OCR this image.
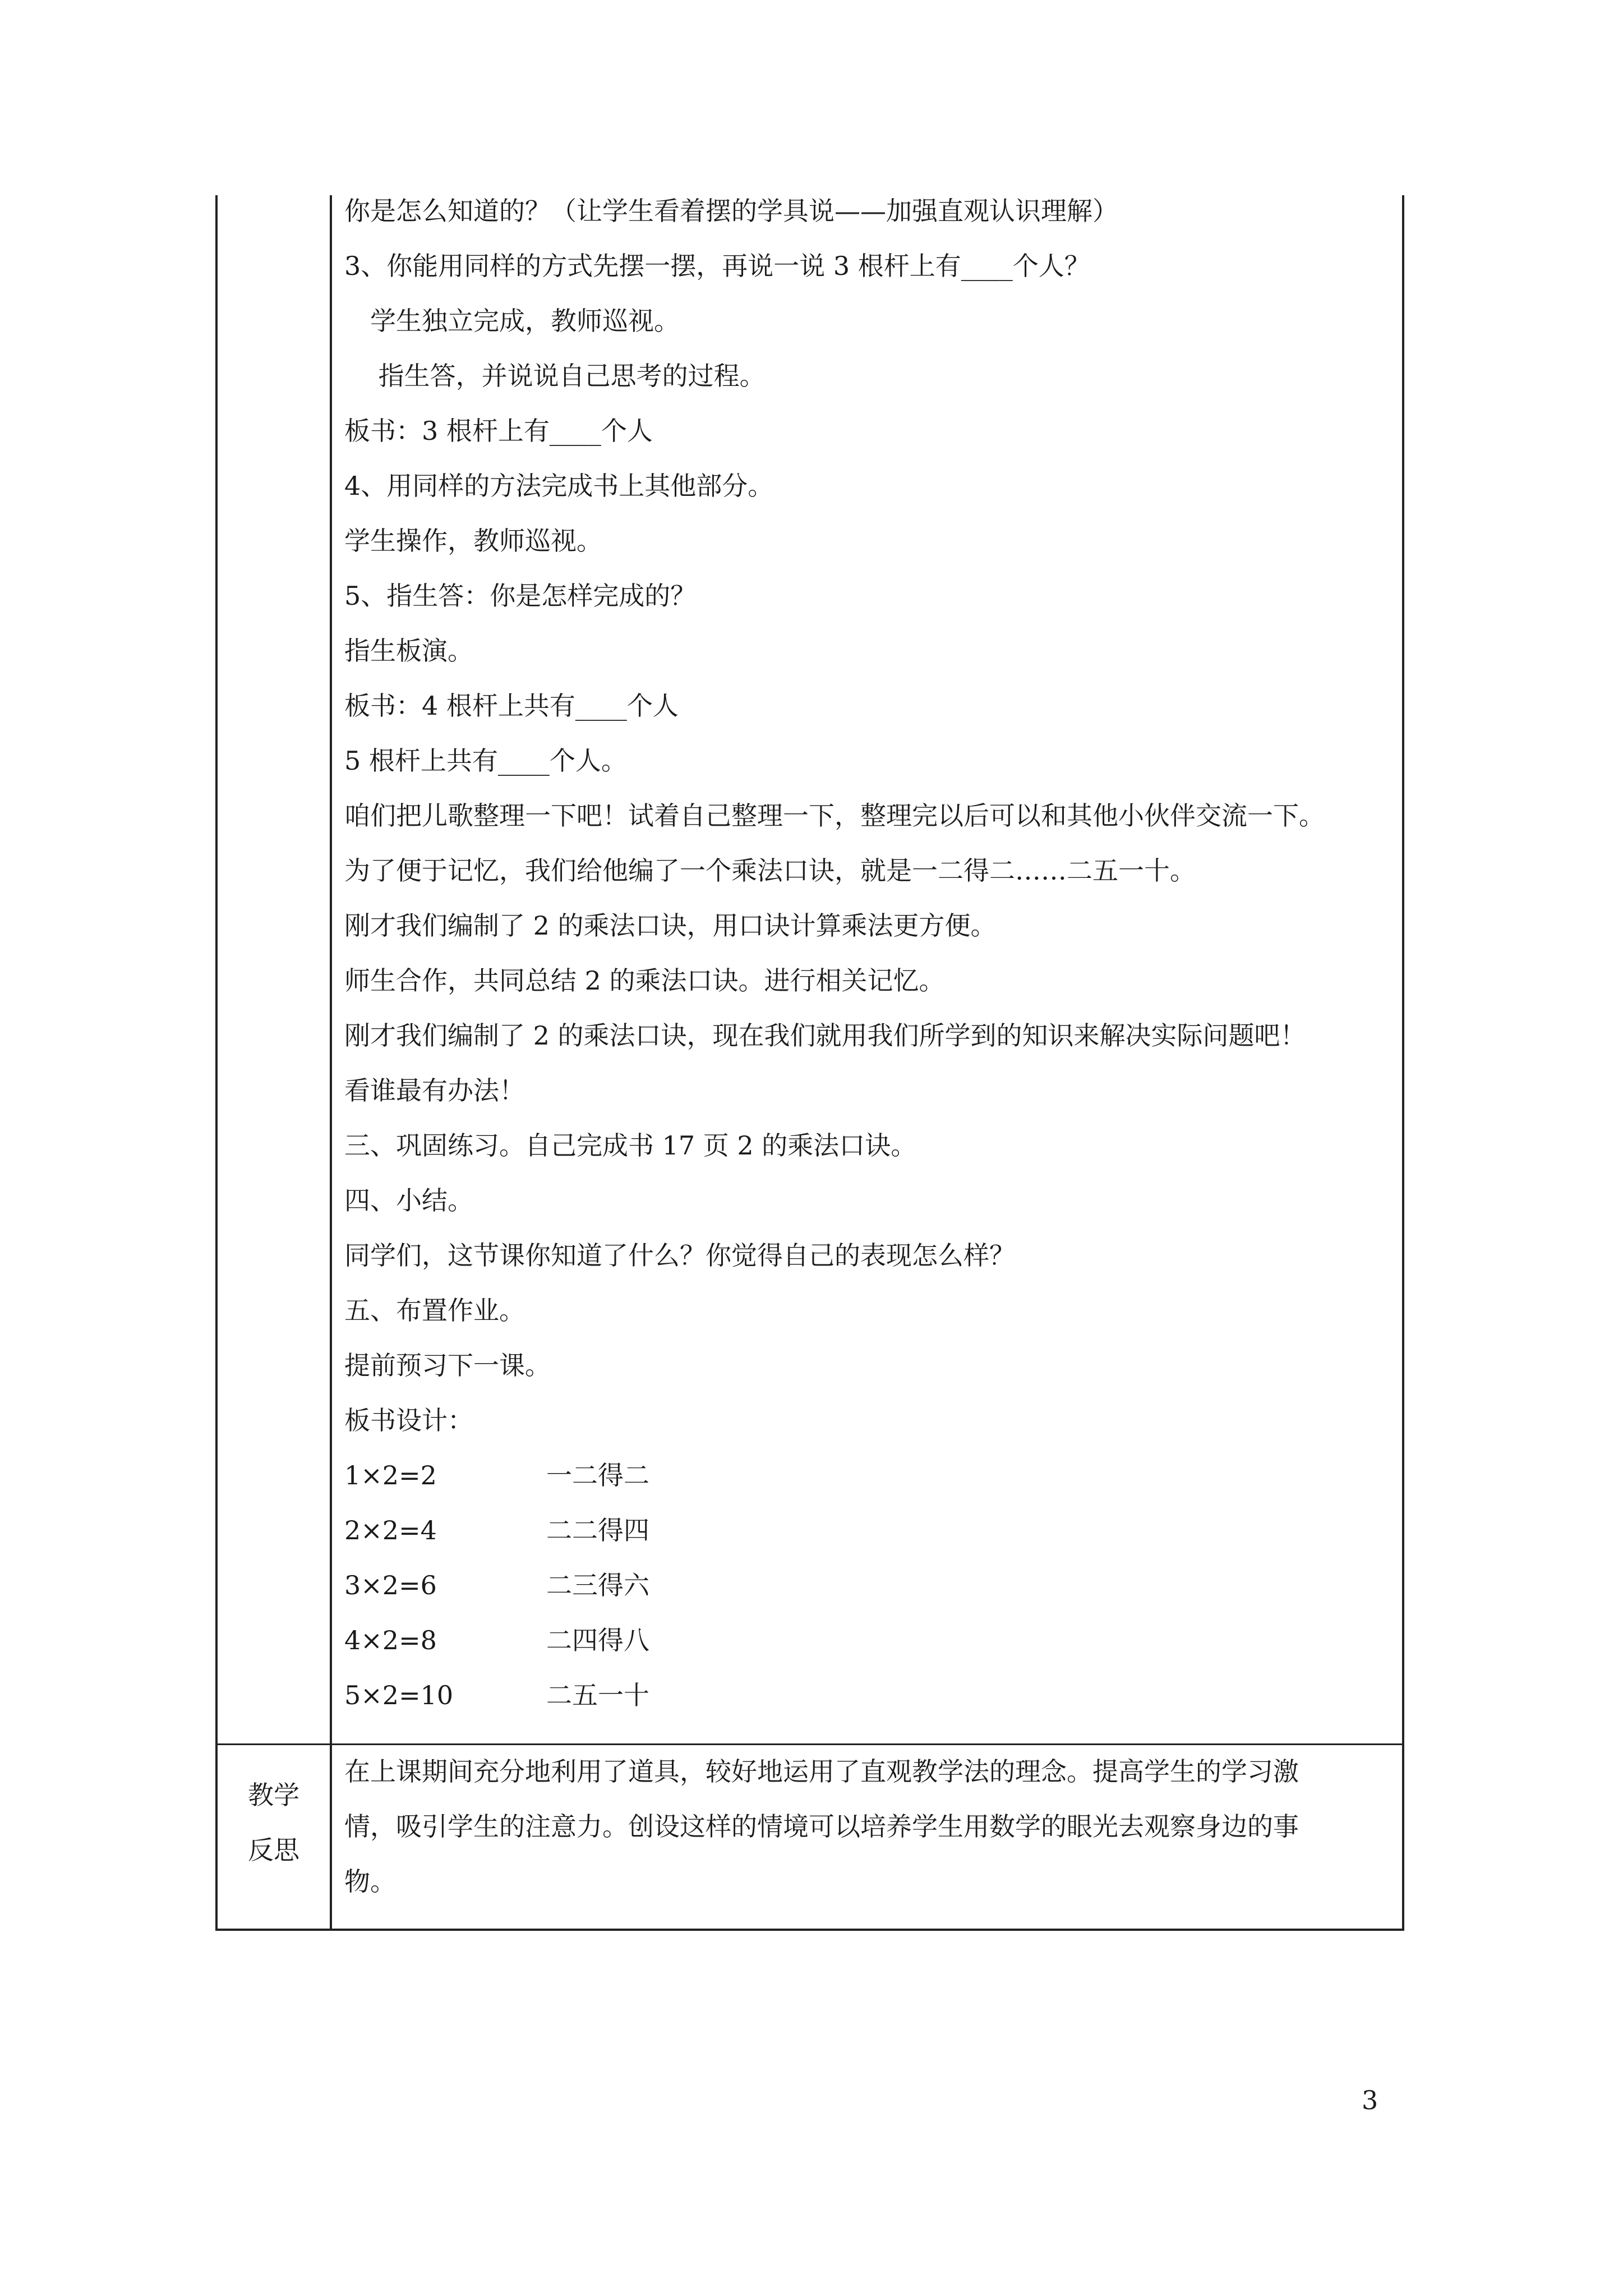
你是怎么知道的？（让学生看着摆的学具说——加强直观认识理解）
3、你能用同样的方式先摆一摆，再说一说 3 根杆上有____个人？
　学生独立完成，教师巡视。
　 指生答，并说说自己思考的过程。
板书：3 根杆上有____个人
4、用同样的方法完成书上其他部分。
学生操作，教师巡视。
5、指生答：你是怎样完成的？
指生板演。
板书：4 根杆上共有____个人
5 根杆上共有____个人。
咱们把儿歌整理一下吧！试着自己整理一下，整理完以后可以和其他小伙伴交流一下。
为了便于记忆，我们给他编了一个乘法口诀，就是一二得二……二五一十。
刚才我们编制了 2 的乘法口诀，用口诀计算乘法更方便。
师生合作，共同总结 2 的乘法口诀。进行相关记忆。
刚才我们编制了 2 的乘法口诀，现在我们就用我们所学到的知识来解决实际问题吧！
看谁最有办法！
三、巩固练习。自己完成书 17 页 2 的乘法口诀。
四、小结。
同学们，这节课你知道了什么？你觉得自己的表现怎么样？
五、布置作业。
提前预习下一课。
板书设计：
1×2=2	一二得二
2×2=4	二二得四
3×2=6	二三得六
4×2=8	二四得八
5×2=10	二五一十
教学
反思
在上课期间充分地利用了道具，较好地运用了直观教学法的理念。提高学生的学习激
情，吸引学生的注意力。创设这样的情境可以培养学生用数学的眼光去观察身边的事
物。
3
